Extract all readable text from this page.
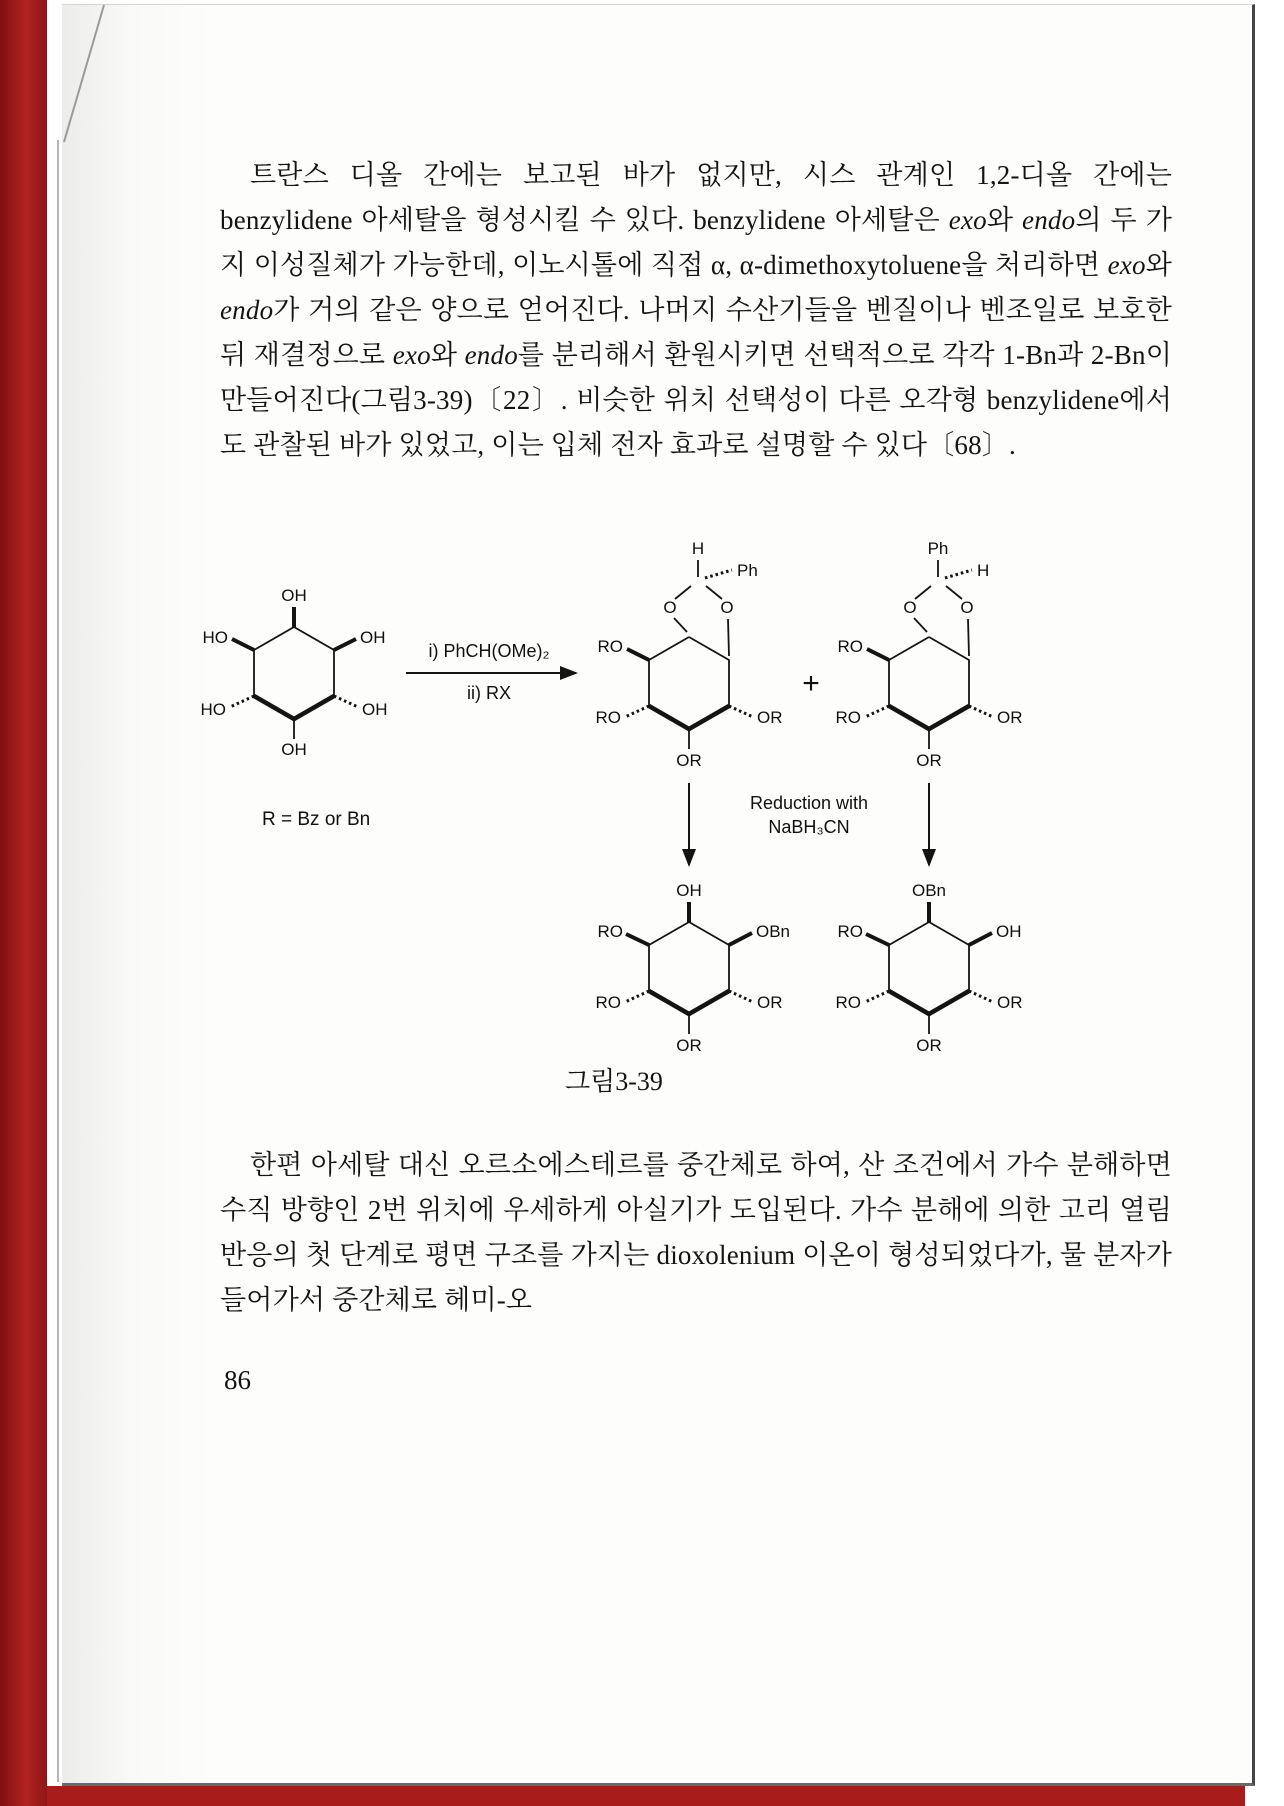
트란스 디올 간에는 보고된 바가 없지만, 시스 관계인 1,2-디올 간에는 benzylidene 아세탈을 형성시킬 수 있다. benzylidene 아세탈은 exo와 endo의 두 가지 이성질체가 가능한데, 이노시톨에 직접 α, α-dimethoxytoluene을 처리하면 exo와 endo가 거의 같은 양으로 얻어진다. 나머지 수산기들을 벤질이나 벤조일로 보호한 뒤 재결정으로 exo와 endo를 분리해서 환원시키면 선택적으로 각각 1-Bn과 2-Bn이 만들어진다(그림3-39)〔22〕. 비슷한 위치 선택성이 다른 오각형 benzylidene에서도 관찰된 바가 있었고, 이는 입체 전자 효과로 설명할 수 있다〔68〕.

OH
HO	OH
HO	OH
OH
i) PhCH(OMe)₂
ii) RX
R = Bz or Bn
O	O
H
Ph
RO
RO	OR
OR
+
O	O
Ph
H
RO
RO	OR
OR
Reduction with
NaBH₃CN
OH
OBn
RO
RO	OR
OR
OBn
OH
RO
RO	OR
OR
그림3-39

한편 아세탈 대신 오르소에스테르를 중간체로 하여, 산 조건에서 가수 분해하면 수직 방향인 2번 위치에 우세하게 아실기가 도입된다. 가수 분해에 의한 고리 열림 반응의 첫 단계로 평면 구조를 가지는 dioxolenium 이온이 형성되었다가, 물 분자가 들어가서 중간체로 헤미-오

86
